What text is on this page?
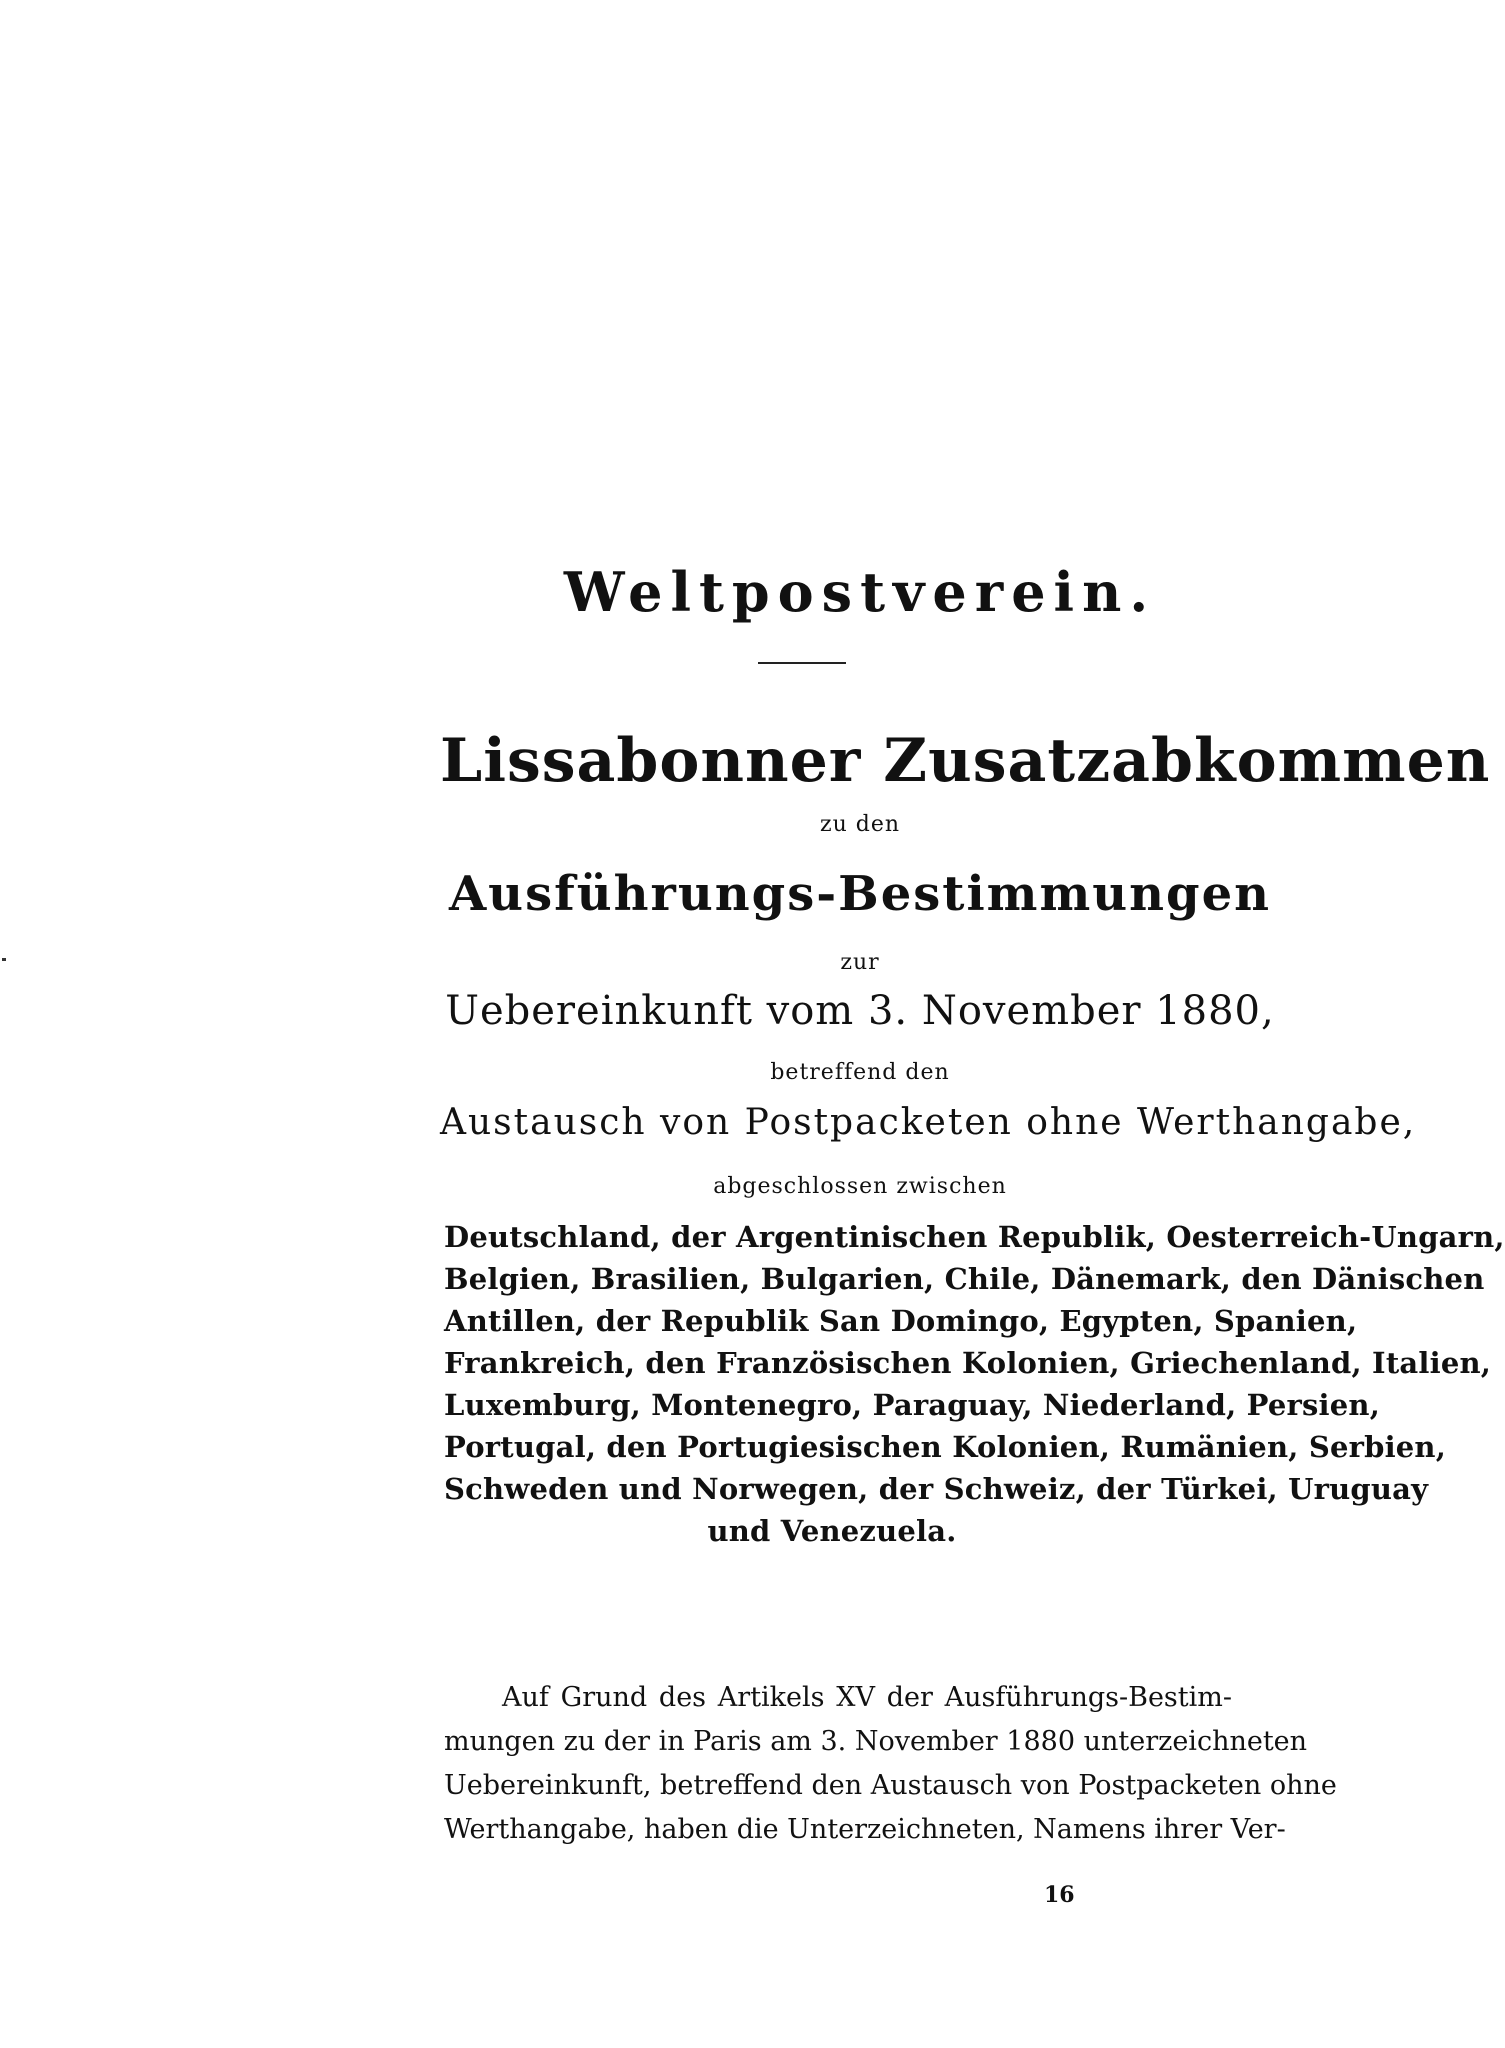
Weltpostverein.
Lissabonner Zusatzabkommen
zu den
Ausführungs-Bestimmungen
zur
Uebereinkunft vom 3. November 1880,
betreffend den
Austausch von Postpacketen ohne Werthangabe,
abgeschlossen zwischen
Deutschland, der Argentinischen Republik, Oesterreich-Ungarn,
Belgien, Brasilien, Bulgarien, Chile, Dänemark, den Dänischen
Antillen, der Republik San Domingo, Egypten, Spanien,
Frankreich, den Französischen Kolonien, Griechenland, Italien,
Luxemburg, Montenegro, Paraguay, Niederland, Persien,
Portugal, den Portugiesischen Kolonien, Rumänien, Serbien,
Schweden und Norwegen, der Schweiz, der Türkei, Uruguay
und Venezuela.
Auf Grund des Artikels XV der Ausführungs-Bestim-
mungen zu der in Paris am 3. November 1880 unterzeichneten
Uebereinkunft, betreffend den Austausch von Postpacketen ohne
Werthangabe, haben die Unterzeichneten, Namens ihrer Ver-
16
